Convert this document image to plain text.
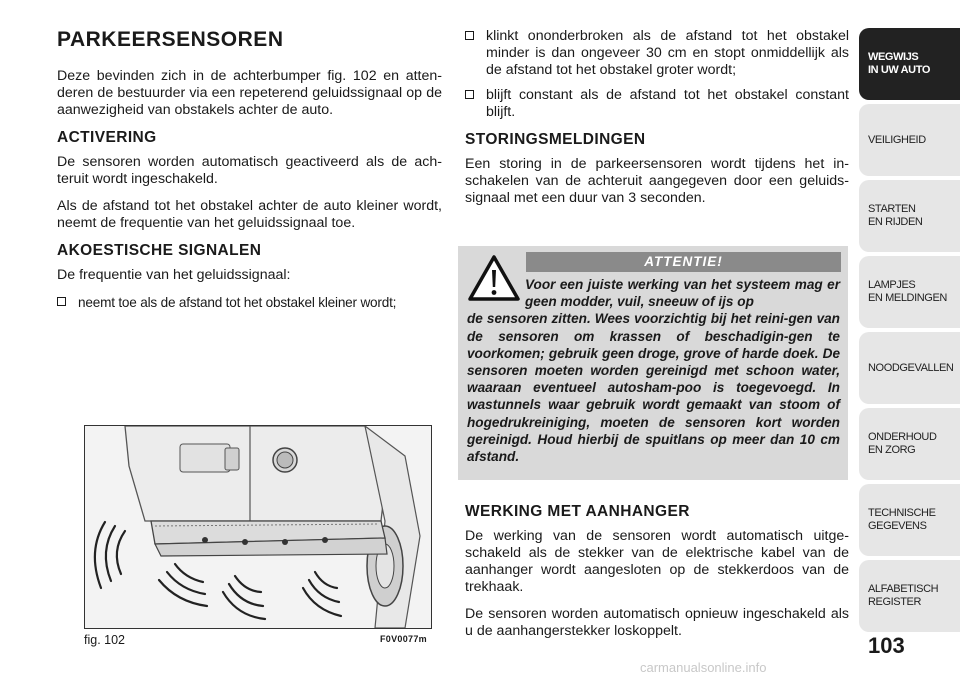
PARKEERSENSOREN

Deze bevinden zich in de achterbumper fig. 102 en atten-deren de bestuurder via een repeterend geluidssignaal op de aanwezigheid van obstakels achter de auto.

ACTIVERING

De sensoren worden automatisch geactiveerd als de ach-teruit wordt ingeschakeld.

Als de afstand tot het obstakel achter de auto kleiner wordt, neemt de frequentie van het geluidssignaal toe.

AKOESTISCHE SIGNALEN

De frequentie van het geluidssignaal:

neemt toe als de afstand tot het obstakel kleiner wordt;
fig. 102	F0V0077m
klinkt ononderbroken als de afstand tot het obstakel minder is dan ongeveer 30 cm en stopt onmiddellijk als de afstand tot het obstakel groter wordt;
blijft constant als de afstand tot het obstakel constant blijft.
STORINGSMELDINGEN

Een storing in de parkeersensoren wordt tijdens het in-schakelen van de achteruit aangegeven door een geluids-signaal met een duur van 3 seconden.

ATTENTIE!
Voor een juiste werking van het systeem mag er geen modder, vuil, sneeuw of ijs op
de sensoren zitten. Wees voorzichtig bij het reini-gen van de sensoren om krassen of beschadigin-gen te voorkomen; gebruik geen droge, grove of harde doek. De sensoren moeten worden gereinigd met schoon water, waaraan eventueel autosham-poo is toegevoegd. In wastunnels waar gebruik wordt gemaakt van stoom of hogedrukreiniging, moeten de sensoren kort worden gereinigd. Houd hierbij de spuitlans op meer dan 10 cm afstand.
WERKING MET AANHANGER

De werking van de sensoren wordt automatisch uitge-schakeld als de stekker van de elektrische kabel van de aanhanger wordt aangesloten op de stekkerdoos van de trekhaak.

De sensoren worden automatisch opnieuw ingeschakeld als u de aanhangerstekker loskoppelt.

WEGWIJS
IN UW AUTO
VEILIGHEID
STARTEN
EN RIJDEN
LAMPJES
EN MELDINGEN
NOODGEVALLEN
ONDERHOUD
EN ZORG
TECHNISCHE
GEGEVENS
ALFABETISCH
REGISTER
103
carmanualsonline.info
